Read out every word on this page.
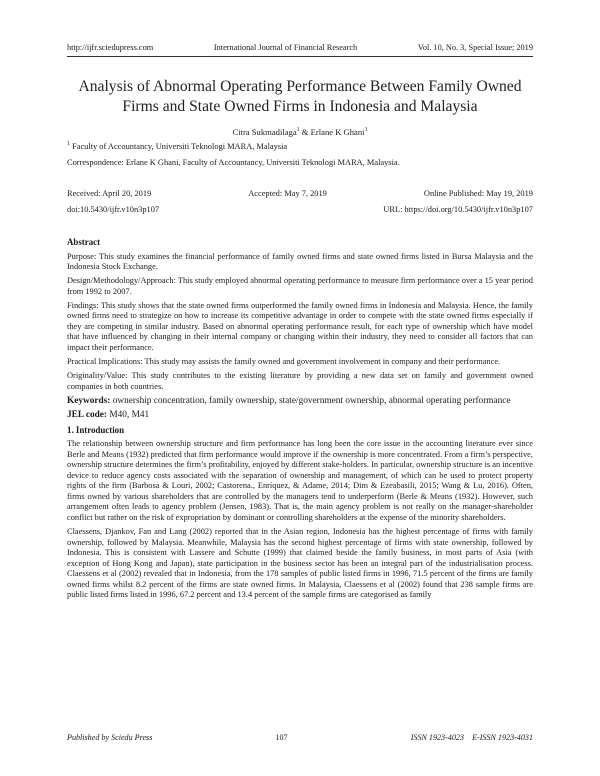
http://ijfr.sciedupress.com	International Journal of Financial Research	Vol. 10, No. 3, Special Issue; 2019
Analysis of Abnormal Operating Performance Between Family Owned Firms and State Owned Firms in Indonesia and Malaysia
Citra Sukmadilaga$^1$ & Erlane K Ghani$^1$
$^1$ Faculty of Accountancy, Universiti Teknologi MARA, Malaysia
Correspondence: Erlane K Ghani, Faculty of Accountancy, Universiti Teknologi MARA, Malaysia.
Received: April 20, 2019	Accepted: May 7, 2019	Online Published: May 19, 2019
doi:10.5430/ijfr.v10n3p107	URL: https://doi.org/10.5430/ijfr.v10n3p107
Abstract

Purpose: This study examines the financial performance of family owned firms and state owned firms listed in Bursa Malaysia and the Indonesia Stock Exchange.

Design/Methodology/Approach: This study employed abnormal operating performance to measure firm performance over a 15 year period from 1992 to 2007.

Findings: This study shows that the state owned firms outperformed the family owned firms in Indonesia and Malaysia. Hence, the family owned firms need to strategize on how to increase its competitive advantage in order to compete with the state owned firms especially if they are competing in similar industry. Based on abnormal operating performance result, for each type of ownership which have model that have influenced by changing in their internal company or changing within their industry, they need to consider all factors that can impact their performance.

Practical Implications: This study may assists the family owned and government involvement in company and their performance.

Originality/Value: This study contributes to the existing literature by providing a new data set on family and government owned companies in both countries.

Keywords: ownership concentration, family ownership, state/government ownership, abnormal operating performance

JEL code: M40, M41

1. Introduction

The relationship between ownership structure and firm performance has long been the core issue in the accounting literature ever since Berle and Means (1932) predicted that firm performance would improve if the ownership is more concentrated. From a firm’s perspective, ownership structure determines the firm’s profitability, enjoyed by different stake-holders. In particular, ownership structure is an incentive device to reduce agency costs associated with the separation of ownership and management, of which can be used to protect property rights of the firm (Barbosa & Louri, 2002; Castorena., Enríquez, & Adame, 2014; Dim & Ezeabasili, 2015; Wang & Lu, 2016). Often, firms owned by various shareholders that are controlled by the managers tend to underperform (Berle & Means (1932). However, such arrangement often leads to agency problem (Jensen, 1983). That is, the main agency problem is not really on the manager-shareholder conflict but rather on the risk of expropriation by dominant or controlling shareholders at the expense of the minority shareholders.

Claessens, Djankov, Fan and Lang (2002) reported that in the Asian region, Indonesia has the highest percentage of firms with family ownership, followed by Malaysia. Meanwhile, Malaysia has the second highest percentage of firms with state ownership, followed by Indonesia. This is consistent with Lassere and Schutte (1999) that claimed beside the family business, in most parts of Asia (with exception of Hong Kong and Japan), state participation in the business sector has been an integral part of the industrialisation process. Claessens et al (2002) revealed that in Indonesia, from the 178 samples of public listed firms in 1996, 71.5 percent of the firms are family owned firms whilst 8.2 percent of the firms are state owned firms. In Malaysia, Claessens et al (2002) found that 238 sample firms are public listed firms listed in 1996, 67.2 percent and 13.4 percent of the sample firms are categorised as family

Published by Sciedu Press	107	ISSN 1923-4023    E-ISSN 1923-4031
